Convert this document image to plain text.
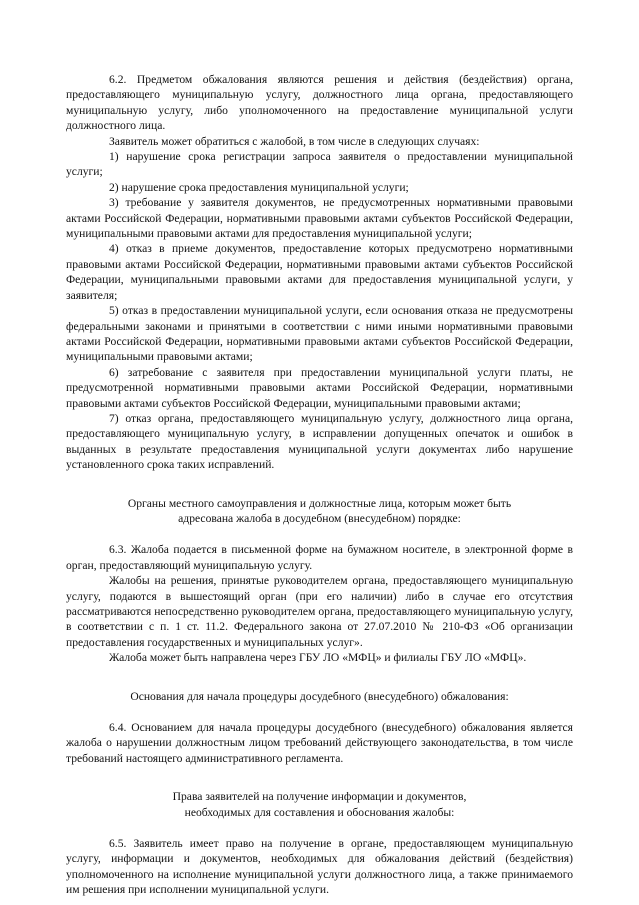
6.2. Предметом обжалования являются решения и действия (бездействия) органа, предоставляющего муниципальную услугу, должностного лица органа, предоставляющего муниципальную услугу, либо уполномоченного на предоставление муниципальной услуги должностного лица.

Заявитель может обратиться с жалобой, в том числе в следующих случаях:

1) нарушение срока регистрации запроса заявителя о предоставлении муниципальной услуги;

2) нарушение срока предоставления муниципальной услуги;

3) требование у заявителя документов, не предусмотренных нормативными правовыми актами Российской Федерации, нормативными правовыми актами субъектов Российской Федерации, муниципальными правовыми актами для предоставления муниципальной услуги;

4) отказ в приеме документов, предоставление которых предусмотрено нормативными правовыми актами Российской Федерации, нормативными правовыми актами субъектов Российской Федерации, муниципальными правовыми актами для предоставления муниципальной услуги, у заявителя;

5) отказ в предоставлении муниципальной услуги, если основания отказа не предусмотрены федеральными законами и принятыми в соответствии с ними иными нормативными правовыми актами Российской Федерации, нормативными правовыми актами субъектов Российской Федерации, муниципальными правовыми актами;

6) затребование с заявителя при предоставлении муниципальной услуги платы, не предусмотренной нормативными правовыми актами Российской Федерации, нормативными правовыми актами субъектов Российской Федерации, муниципальными правовыми актами;

7) отказ органа, предоставляющего муниципальную услугу, должностного лица органа, предоставляющего муниципальную услугу, в исправлении допущенных опечаток и ошибок в выданных в результате предоставления муниципальной услуги документах либо нарушение установленного срока таких исправлений.

Органы местного самоуправления и должностные лица, которым может быть

адресована жалоба в досудебном (внесудебном) порядке:

6.3. Жалоба подается в письменной форме на бумажном носителе, в электронной форме в орган, предоставляющий муниципальную услугу.

Жалобы на решения, принятые руководителем органа, предоставляющего муниципальную услугу, подаются в вышестоящий орган (при его наличии) либо в случае его отсутствия рассматриваются непосредственно руководителем органа, предоставляющего муниципальную услугу, в соответствии с п. 1 ст. 11.2. Федерального закона от 27.07.2010 № 210-ФЗ «Об организации предоставления государственных и муниципальных услуг».

Жалоба может быть направлена через ГБУ ЛО «МФЦ» и филиалы ГБУ ЛО «МФЦ».

Основания для начала процедуры досудебного (внесудебного) обжалования:

6.4. Основанием для начала процедуры досудебного (внесудебного) обжалования является жалоба о нарушении должностным лицом требований действующего законодательства, в том числе требований настоящего административного регламента.

Права заявителей на получение информации и документов,

необходимых для составления и обоснования жалобы:

6.5. Заявитель имеет право на получение в органе, предоставляющем муниципальную услугу, информации и документов, необходимых для обжалования действий (бездействия) уполномоченного на исполнение муниципальной услуги должностного лица, а также принимаемого им решения при исполнении муниципальной услуги.
